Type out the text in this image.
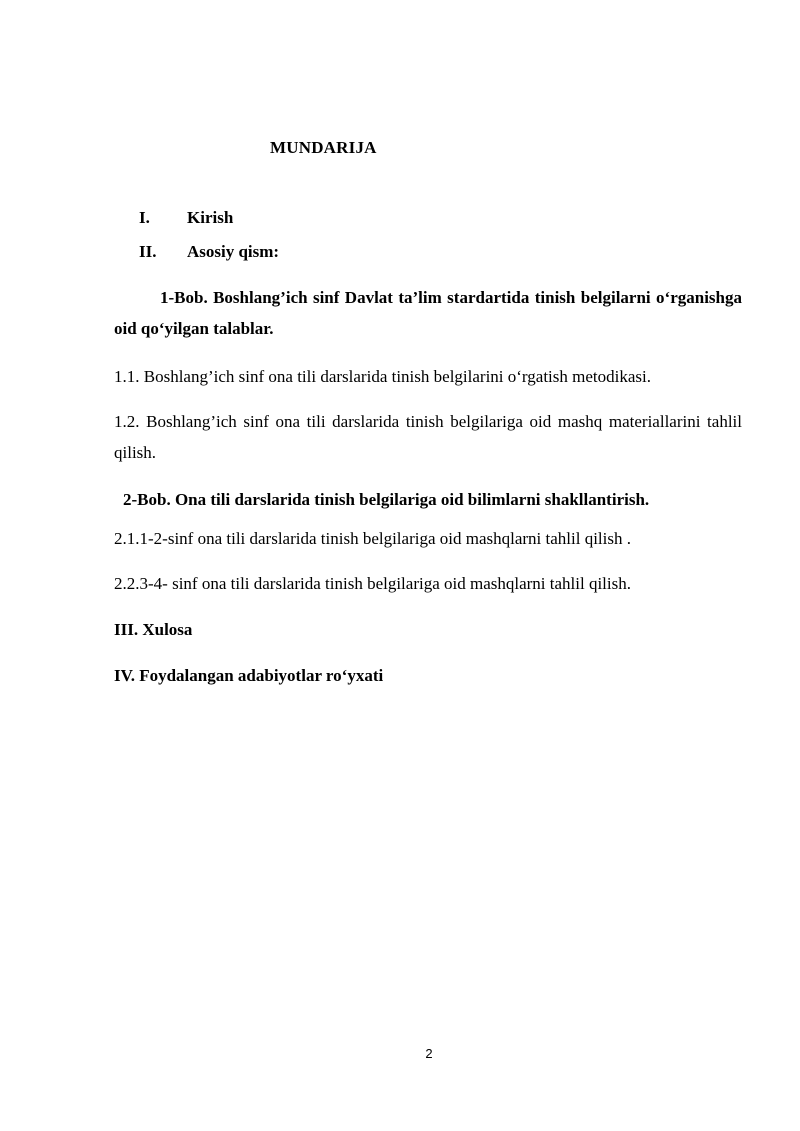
MUNDARIJA
I. Kirish
II. Asosiy qism:
1-Bob. Boshlang’ich sinf Davlat ta’lim stardartida tinish belgilarni o‘rganishga oid qo‘yilgan talablar.
1.1. Boshlang’ich sinf ona tili darslarida tinish belgilarini o‘rgatish metodikasi.
1.2. Boshlang’ich sinf ona tili darslarida tinish belgilariga oid mashq materiallarini tahlil qilish.
2-Bob. Ona tili darslarida tinish belgilariga oid bilimlarni shakllantirish.
2.1.1-2-sinf ona tili darslarida tinish belgilariga oid mashqlarni tahlil qilish .
2.2.3-4- sinf ona tili darslarida tinish belgilariga oid mashqlarni tahlil qilish.
III. Xulosa
IV. Foydalangan adabiyotlar ro‘yxati
2
